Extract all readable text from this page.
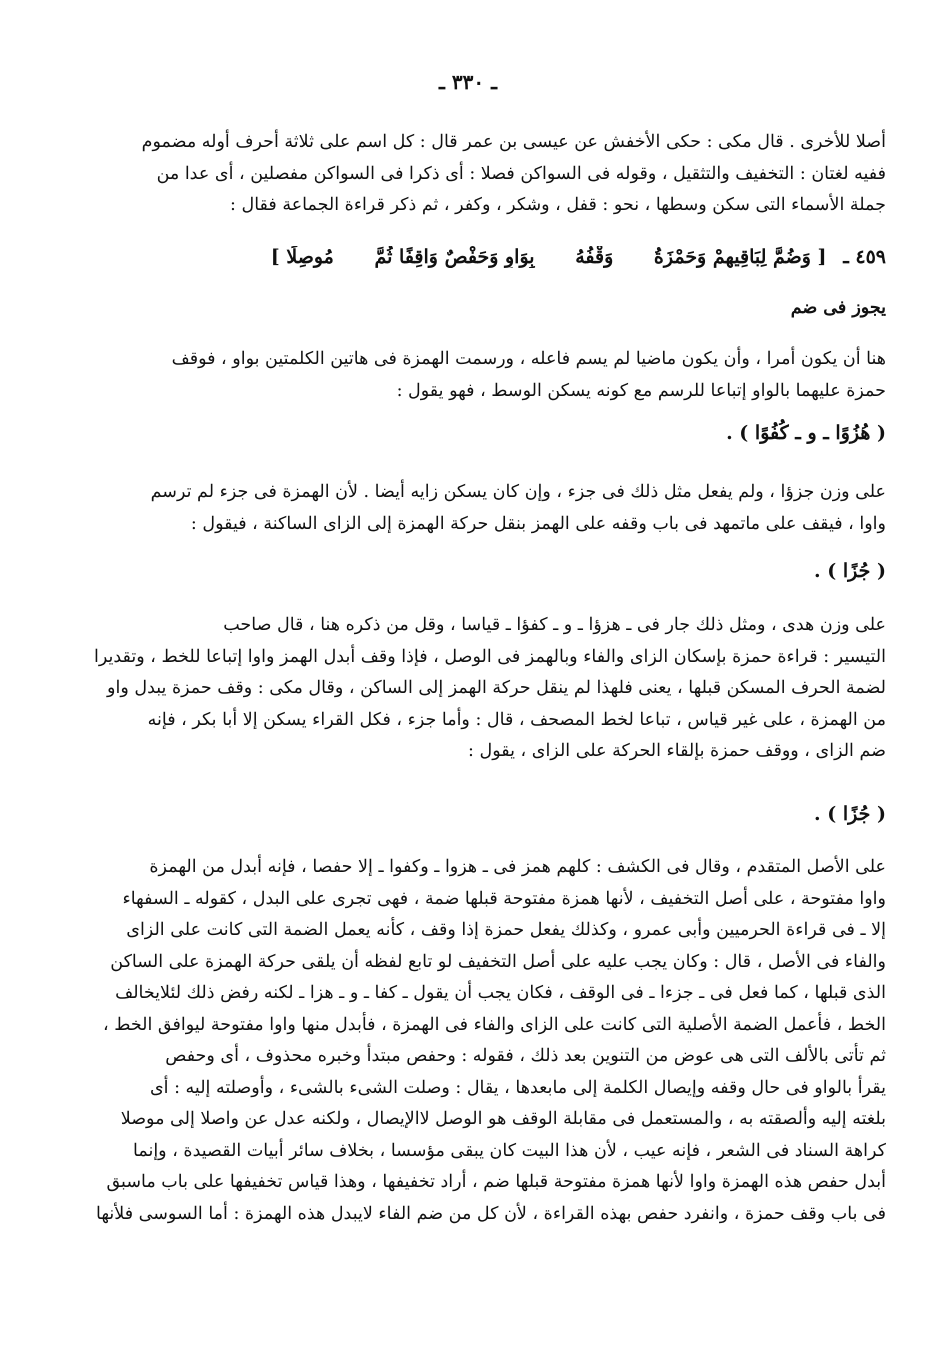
ـ ٣٣٠ ـ
أصلا للأخرى . قال مكى : حكى الأخفش عن عيسى بن عمر قال : كل اسم على ثلاثة أحرف أوله مضموم
ففيه لغتان : التخفيف والتثقيل ، وقوله فى السواكن فصلا : أى ذكرا فى السواكن مفصلين ، أى عدا من
جملة الأسماء التى سكن وسطها ، نحو : قفل ، وشكر ، وكفر ، ثم ذكر قراءة الجماعة فقال :
٤٥٩ ـ [ وَضُمَّ لِبَاقِيهِمْ وَحَمْزَةُ وَقْفُهُ بِوَاوٍ وَحَفْصٌ وَاقِفًا ثُمَّ مُوصِلَا ]
يجوز فى ضم
هنا أن يكون أمرا ، وأن يكون ماضيا لم يسم فاعله ، ورسمت الهمزة فى هاتين الكلمتين بواو ، فوقف
حمزة عليهما بالواو إتباعا للرسم مع كونه يسكن الوسط ، فهو يقول :
( هُزُوًا ـ و ـ كُفُوًا ) .
على وزن جزؤا ، ولم يفعل مثل ذلك فى جزء ، وإن كان يسكن زايه أيضا . لأن الهمزة فى جزء لم ترسم
واوا ، فيقف على ماتمهد فى باب وقفه على الهمز بنقل حركة الهمزة إلى الزاى الساكنة ، فيقول :
( جُزًا ) .
على وزن هدى ، ومثل ذلك جار فى ـ هزؤا ـ و ـ كفؤا ـ قياسا ، وقل من ذكره هنا ، قال صاحب
التيسير : قراءة حمزة بإسكان الزاى والفاء وبالهمز فى الوصل ، فإذا وقف أبدل الهمز واوا إتباعا للخط ، وتقديرا
لضمة الحرف المسكن قبلها ، يعنى فلهذا لم ينقل حركة الهمز إلى الساكن ، وقال مكى : وقف حمزة يبدل واو
من الهمزة ، على غير قياس ، تباعا لخط المصحف ، قال : وأما جزء ، فكل القراء يسكن إلا أبا بكر ، فإنه
ضم الزاى ، ووقف حمزة بإلقاء الحركة على الزاى ، يقول :
( جُزًا ) .
على الأصل المتقدم ، وقال فى الكشف : كلهم همز فى ـ هزوا ـ وكفوا ـ إلا حفصا ، فإنه أبدل من الهمزة
واوا مفتوحة ، على أصل التخفيف ، لأنها همزة مفتوحة قبلها ضمة ، فهى تجرى على البدل ، كقوله ـ السفهاء
إلا ـ فى قراءة الحرميين وأبى عمرو ، وكذلك يفعل حمزة إذا وقف ، كأنه يعمل الضمة التى كانت على الزاى
والفاء فى الأصل ، قال : وكان يجب عليه على أصل التخفيف لو تابع لفظه أن يلقى حركة الهمزة على الساكن
الذى قبلها ، كما فعل فى ـ جزءا ـ فى الوقف ، فكان يجب أن يقول ـ كفا ـ و ـ هزا ـ لكنه رفض ذلك لئلايخالف
الخط ، فأعمل الضمة الأصلية التى كانت على الزاى والفاء فى الهمزة ، فأبدل منها واوا مفتوحة ليوافق الخط ،
ثم تأتى بالألف التى هى عوض من التنوين بعد ذلك ، فقوله : وحفص مبتدأ وخبره محذوف ، أى وحفص
يقرأ بالواو فى حال وقفه وإيصال الكلمة إلى مابعدها ، يقال : وصلت الشىء بالشىء ، وأوصلته إليه : أى
بلغته إليه وألصقته به ، والمستعمل فى مقابلة الوقف هو الوصل لاالإيصال ، ولكنه عدل عن واصلا إلى موصلا
كراهة السناد فى الشعر ، فإنه عيب ، لأن هذا البيت كان يبقى مؤسسا ، بخلاف سائر أبيات القصيدة ، وإنما
أبدل حفص هذه الهمزة واوا لأنها همزة مفتوحة قبلها ضم ، أراد تخفيفها ، وهذا قياس تخفيفها على باب ماسبق
فى باب وقف حمزة ، وانفرد حفص بهذه القراءة ، لأن كل من ضم الفاء لايبدل هذه الهمزة : أما السوسى فلأنها
